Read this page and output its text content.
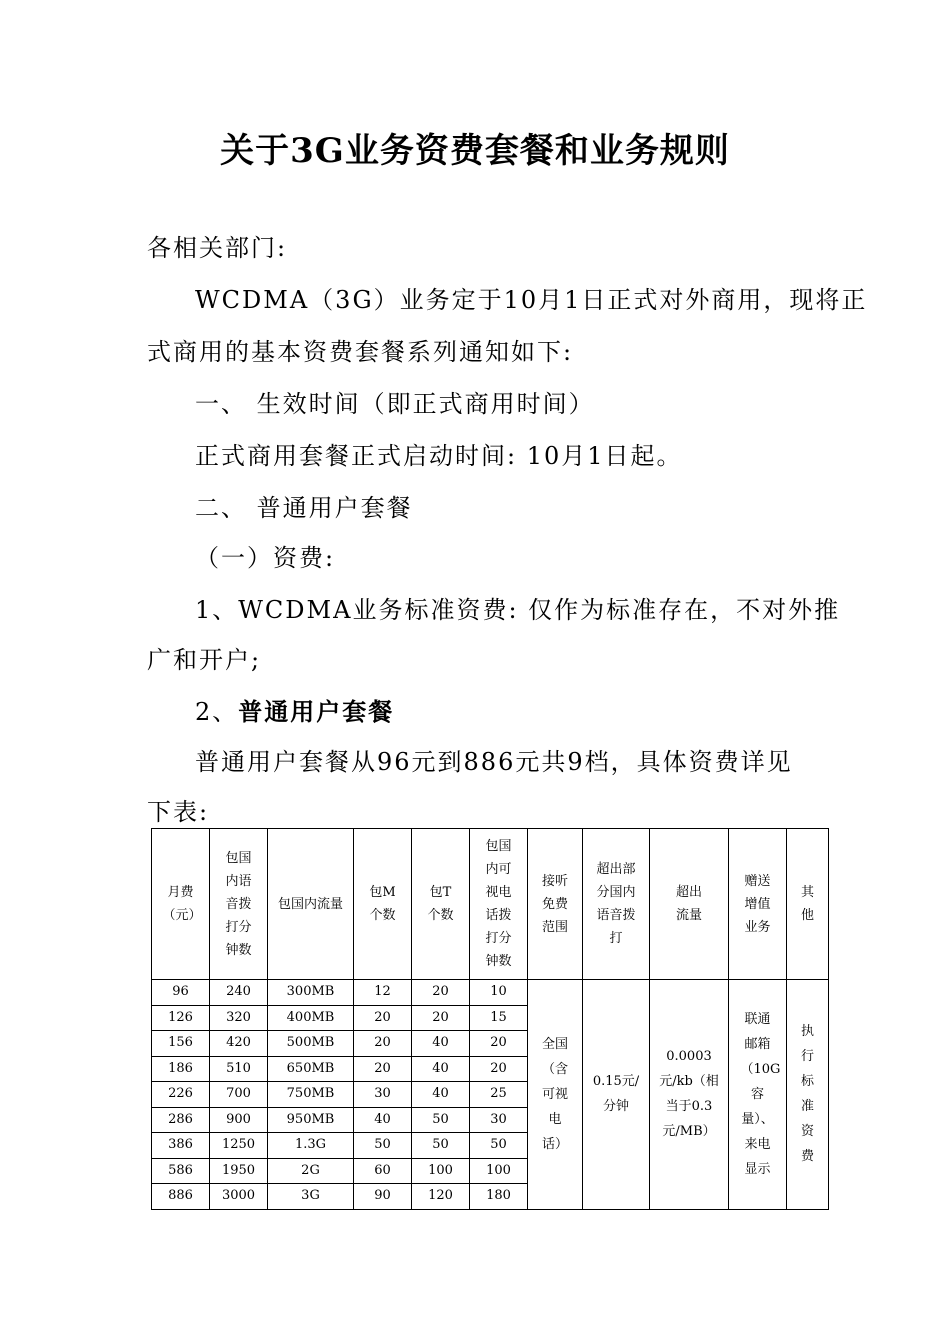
关于3G业务资费套餐和业务规则
各相关部门:
WCDMA（3G）业务定于10月1日正式对外商用，现将正
式商用的基本资费套餐系列通知如下:
一、 生效时间（即正式商用时间）
正式商用套餐正式启动时间: 10月1日起。
二、 普通用户套餐
（一）资费:
1、WCDMA业务标准资费: 仅作为标准存在，不对外推
广和开户;
2、普通用户套餐
普通用户套餐从96元到886元共9档，具体资费详见
下表:
月费（元）	包国内语音拨打分钟数	包国内流量	包M个数	包T个数	包国内可视电话拨打分钟数	接听免费范围	超出部分国内语音拨打	超出流量	赠送增值业务	其他
96	240	300MB	12	20	10	全国（含可视电话）	0.15元/分钟	0.0003元/kb（相当于0.3元/MB）	联通邮箱（10G容量）、来电显示	执行标准资费
126	320	400MB	20	20	15					
156	420	500MB	20	40	20					
186	510	650MB	20	40	20					
226	700	750MB	30	40	25					
286	900	950MB	40	50	30					
386	1250	1.3G	50	50	50					
586	1950	2G	60	100	100					
886	3000	3G	90	120	180					
